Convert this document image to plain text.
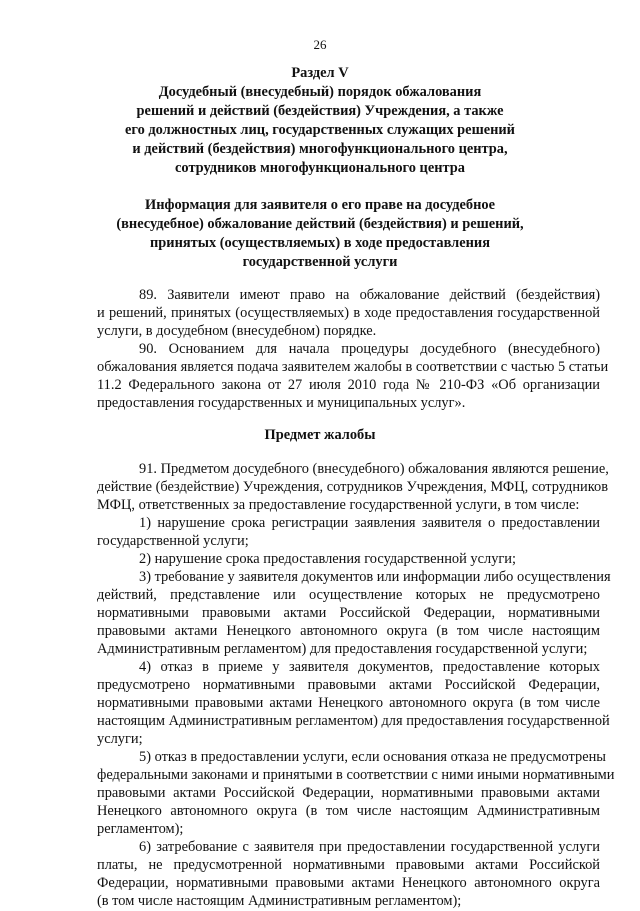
26
Раздел V
Досудебный (внесудебный) порядок обжалования
решений и действий (бездействия) Учреждения, а также
его должностных лиц, государственных служащих решений
и действий (бездействия) многофункционального центра,
сотрудников многофункционального центра
Информация для заявителя о его праве на досудебное
(внесудебное) обжалование действий (бездействия) и решений,
принятых (осуществляемых) в ходе предоставления
государственной услуги
89. Заявители имеют право на обжалование действий (бездействия)
и решений, принятых (осуществляемых) в ходе предоставления государственной
услуги, в досудебном (внесудебном) порядке.
90. Основанием для начала процедуры досудебного (внесудебного)
обжалования является подача заявителем жалобы в соответствии с частью 5 статьи
11.2 Федерального закона от 27 июля 2010 года № 210-ФЗ «Об организации
предоставления государственных и муниципальных услуг».
Предмет жалобы
91. Предметом досудебного (внесудебного) обжалования являются решение,
действие (бездействие) Учреждения, сотрудников Учреждения, МФЦ, сотрудников
МФЦ, ответственных за предоставление государственной услуги, в том числе:
1) нарушение срока регистрации заявления заявителя о предоставлении
государственной услуги;
2) нарушение срока предоставления государственной услуги;
3) требование у заявителя документов или информации либо осуществления
действий, представление или осуществление которых не предусмотрено
нормативными правовыми актами Российской Федерации, нормативными
правовыми актами Ненецкого автономного округа (в том числе настоящим
Административным регламентом) для предоставления государственной услуги;
4) отказ в приеме у заявителя документов, предоставление которых
предусмотрено нормативными правовыми актами Российской Федерации,
нормативными правовыми актами Ненецкого автономного округа (в том числе
настоящим Административным регламентом) для предоставления государственной
услуги;
5) отказ в предоставлении услуги, если основания отказа не предусмотрены
федеральными законами и принятыми в соответствии с ними иными нормативными
правовыми актами Российской Федерации, нормативными правовыми актами
Ненецкого автономного округа (в том числе настоящим Административным
регламентом);
6) затребование с заявителя при предоставлении государственной услуги
платы, не предусмотренной нормативными правовыми актами Российской
Федерации, нормативными правовыми актами Ненецкого автономного округа
(в том числе настоящим Административным регламентом);
